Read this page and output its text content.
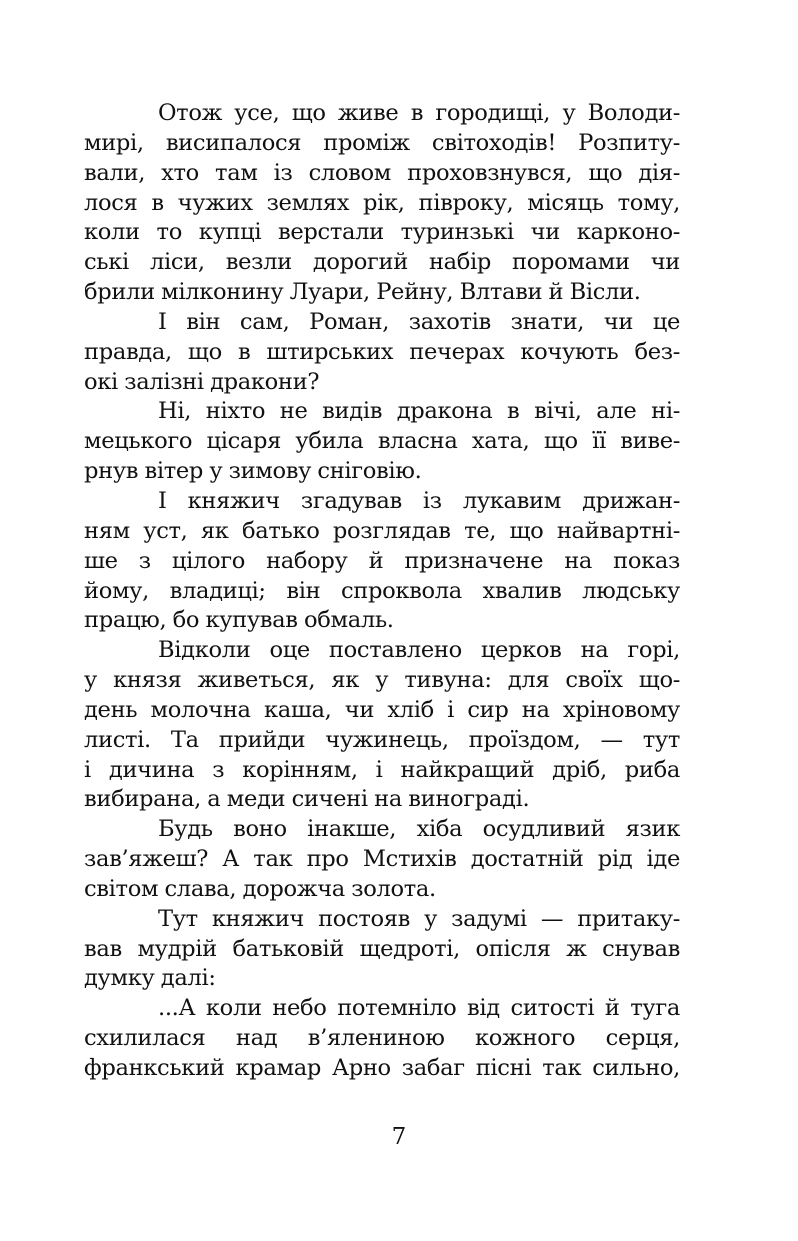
Отож усе, що живе в городищі, у Володи-
мирі, висипалося проміж світоходів! Розпиту-
вали, хто там із словом проховзнувся, що дія-
лося в чужих землях рік, півроку, місяць тому,
коли то купці верстали туринзькі чи карконо-
ські ліси, везли дорогий набір поромами чи
брили мілконину Луари, Рейну, Влтави й Вісли.
І він сам, Роман, захотів знати, чи це
правда, що в штирських печерах кочують без-
окі залізні дракони?
Ні, ніхто не видів дракона в вічі, але ні-
мецького цісаря убила власна хата, що її виве-
рнув вітер у зимову сніговію.
І княжич згадував із лукавим дрижан-
ням уст, як батько розглядав те, що найвартні-
ше з цілого набору й призначене на показ
йому, владиці; він спроквола хвалив людську
працю, бо купував обмаль.
Відколи оце поставлено церков на горі,
у князя живеться, як у тивуна: для своїх що-
день молочна каша, чи хліб і сир на хріновому
листі. Та прийди чужинець, проїздом, — тут
і дичина з корінням, і найкращий дріб, риба
вибирана, а меди сичені на винограді.
Будь воно інакше, хіба осудливий язик
зав’яжеш? А так про Мстихів достатній рід іде
світом слава, дорожча золота.
Тут княжич постояв у задумі — притаку-
вав мудрій батьковій щедроті, опісля ж снував
думку далі:
...А коли небо потемніло від ситості й туга
схилилася над в’ялениною кожного серця,
франкський крамар Арно забаг пісні так сильно,
7
